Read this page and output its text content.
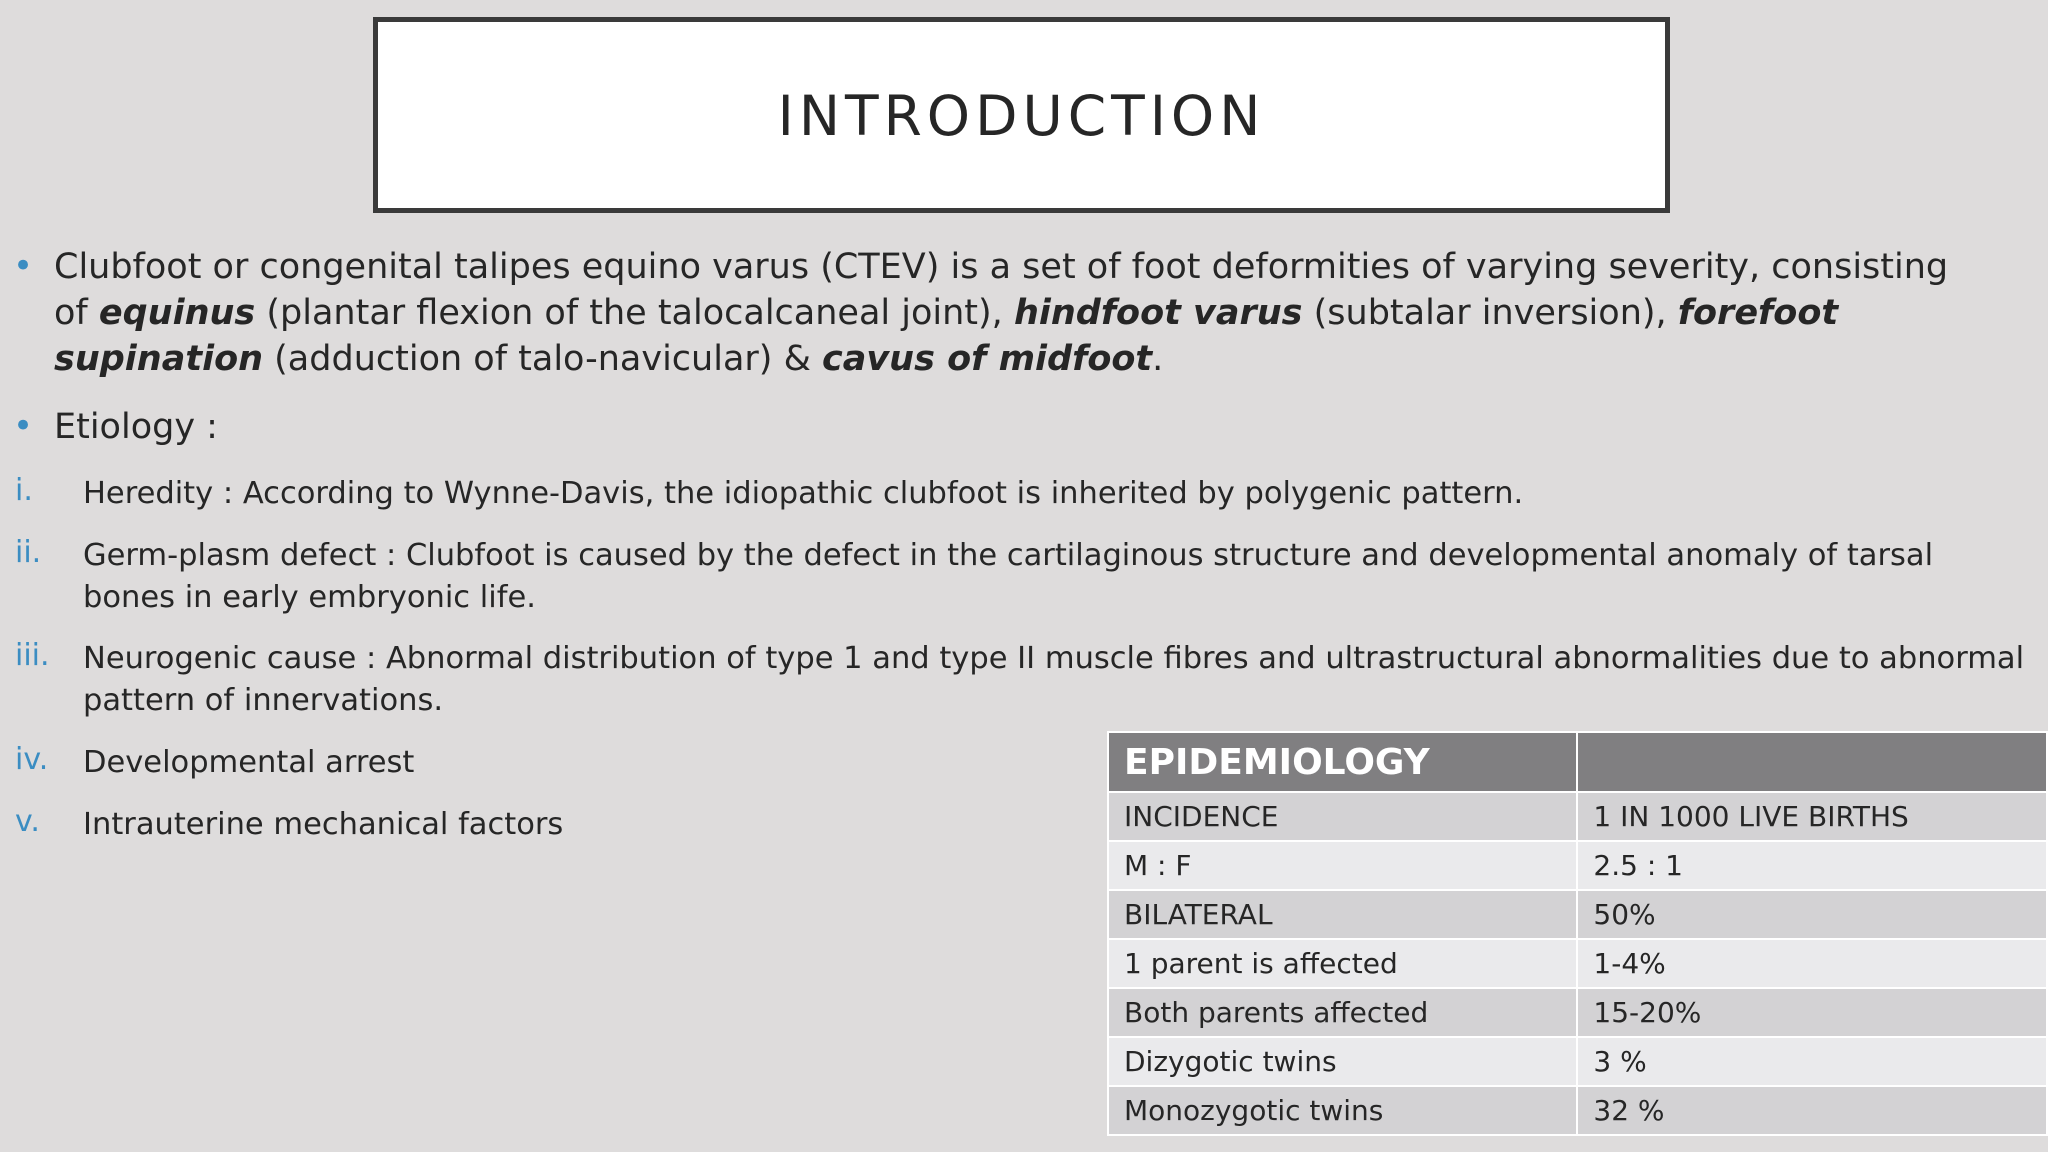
INTRODUCTION
• Clubfoot or congenital talipes equino varus (CTEV) is a set of foot deformities of varying severity, consisting of equinus (plantar flexion of the talocalcaneal joint), hindfoot varus (subtalar inversion), forefoot supination (adduction of talo-navicular) & cavus of midfoot.
• Etiology :
i. Heredity : According to Wynne-Davis, the idiopathic clubfoot is inherited by polygenic pattern.
ii. Germ-plasm defect : Clubfoot is caused by the defect in the cartilaginous structure and developmental anomaly of tarsal bones in early embryonic life.
iii. Neurogenic cause : Abnormal distribution of type 1 and type II muscle fibres and ultrastructural abnormalities due to abnormal pattern of innervations.
iv. Developmental arrest
v. Intrauterine mechanical factors
EPIDEMIOLOGY	
INCIDENCE	1 IN 1000 LIVE BIRTHS
M : F	2.5 : 1
BILATERAL	50%
1 parent is affected	1-4%
Both parents affected	15-20%
Dizygotic twins	3 %
Monozygotic twins	32 %
